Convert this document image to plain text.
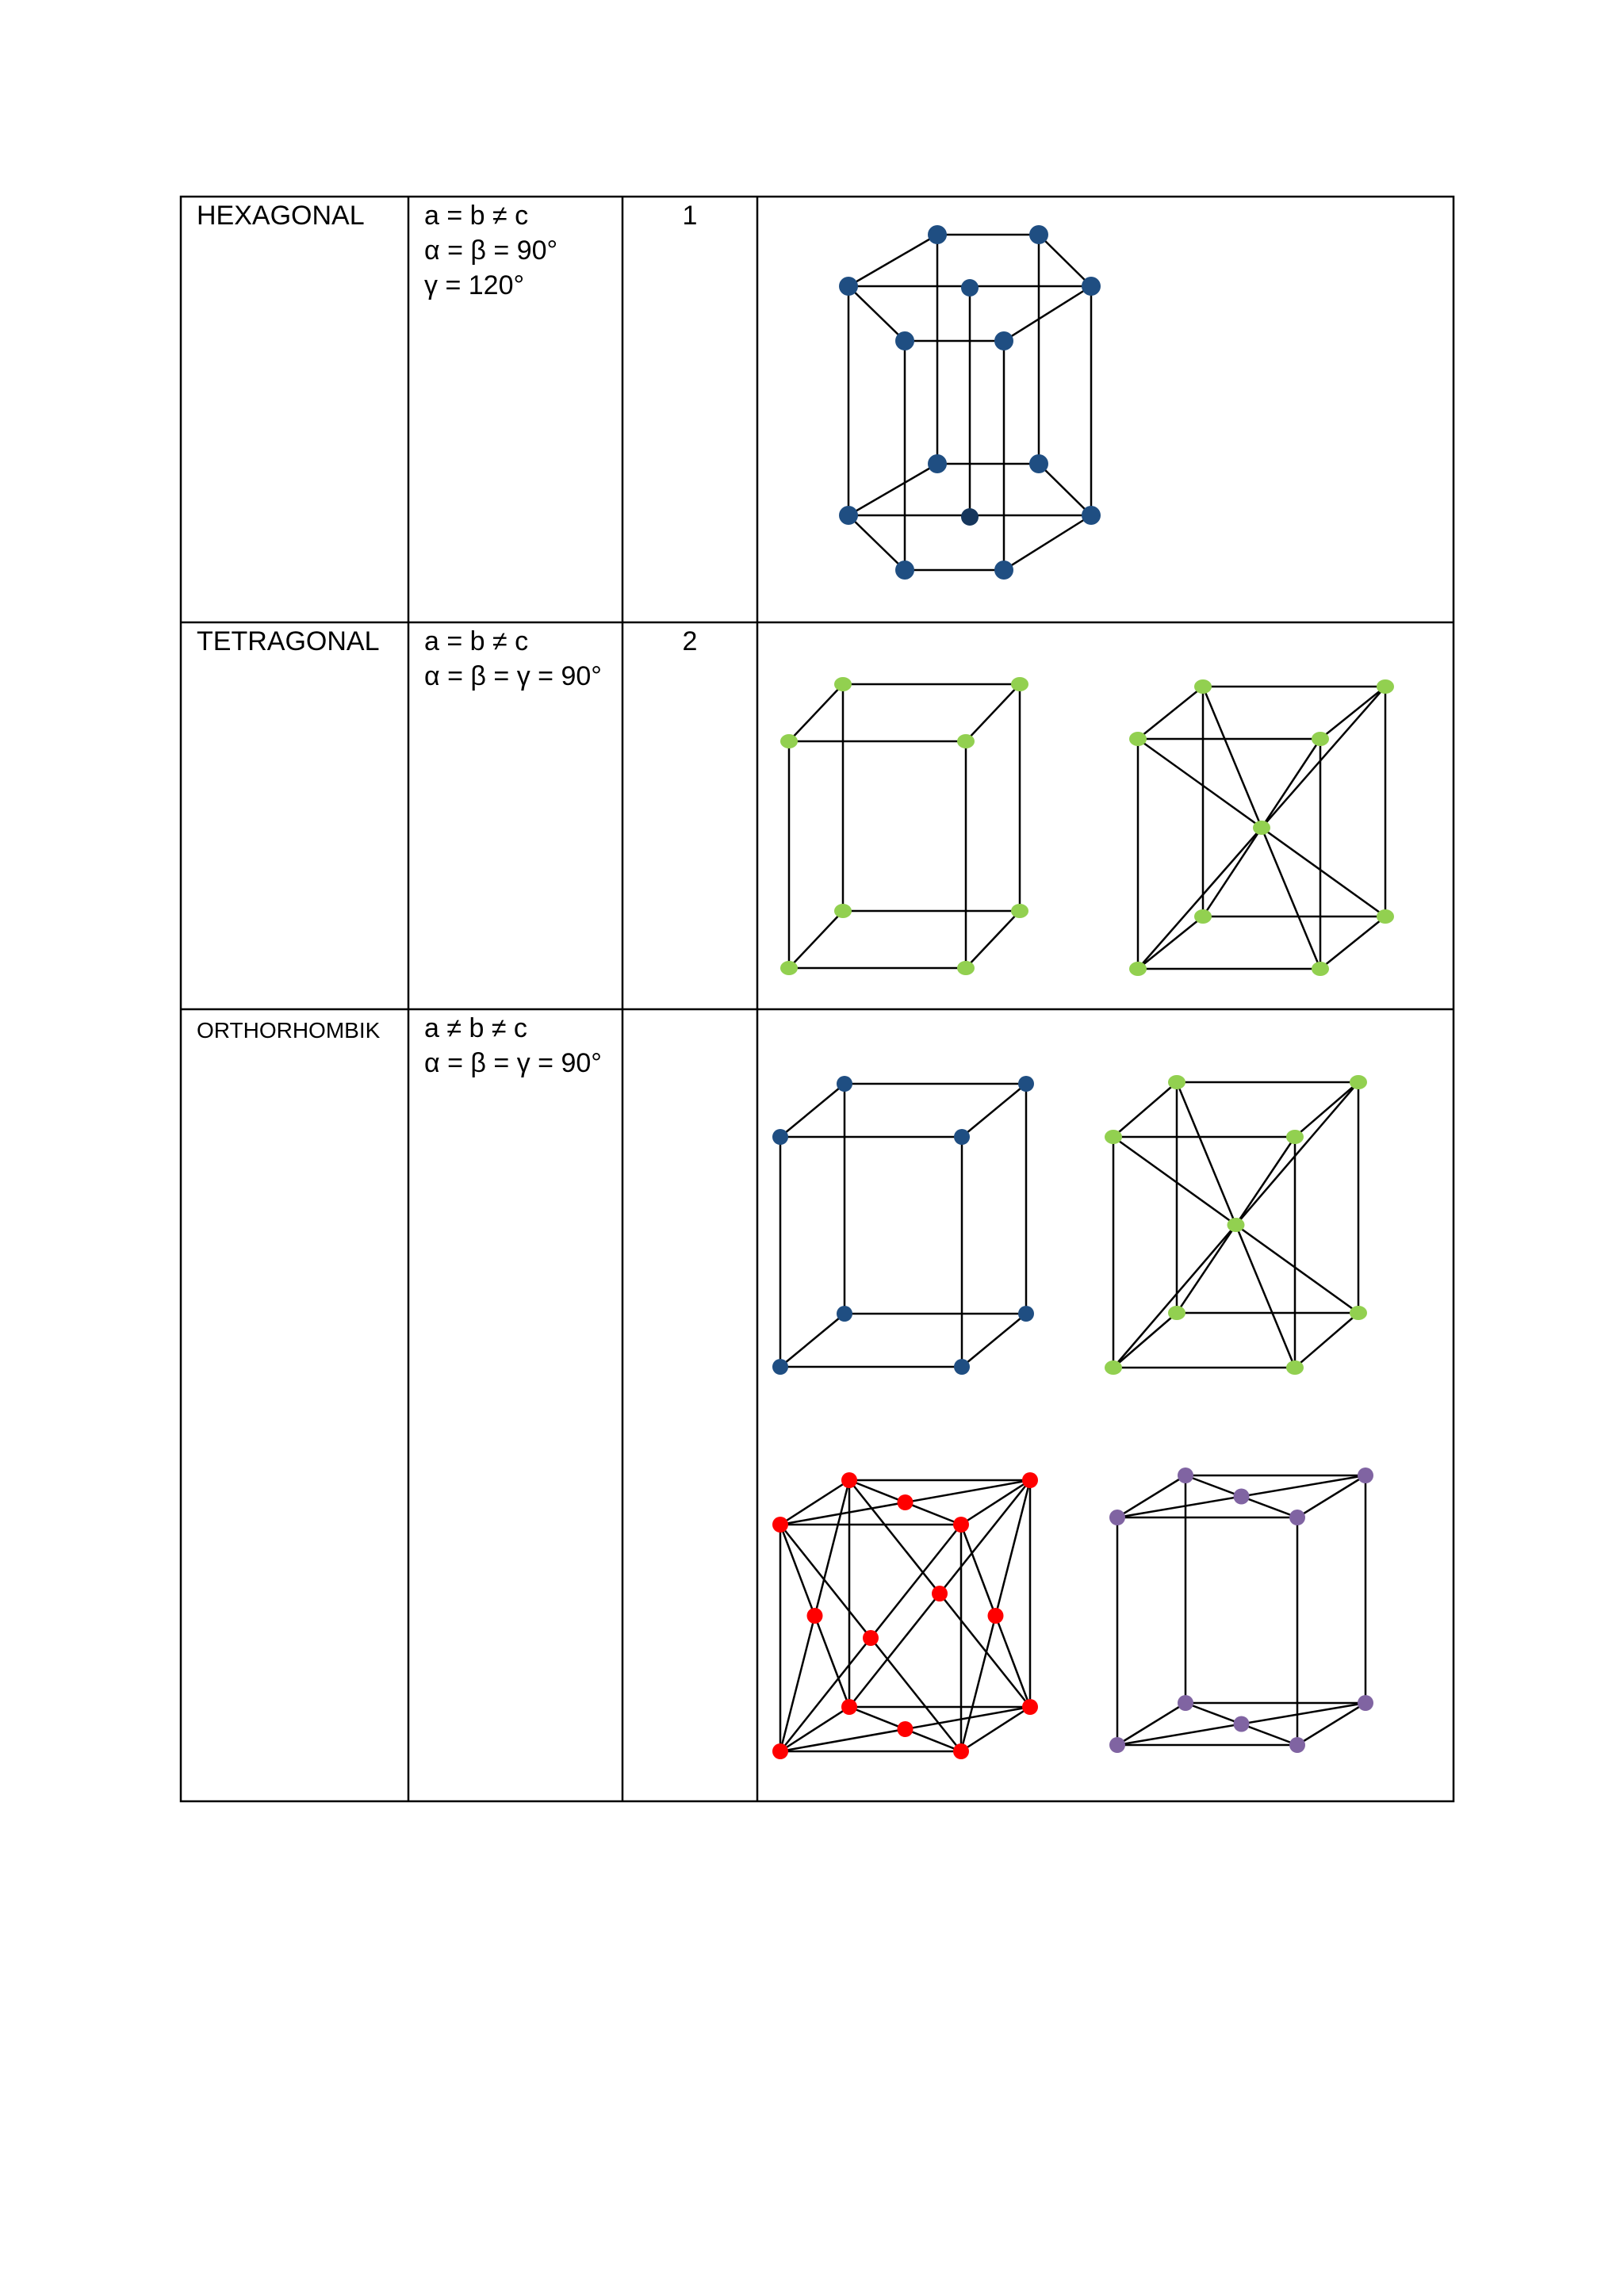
HEXAGONAL a = b ≠ c
α = β = 90°
γ = 120°
1
TETRAGONAL a = b ≠ c
α = β = γ = 90°
2
ORTHORHOMBIK a ≠ b ≠ c
α = β = γ = 90°
